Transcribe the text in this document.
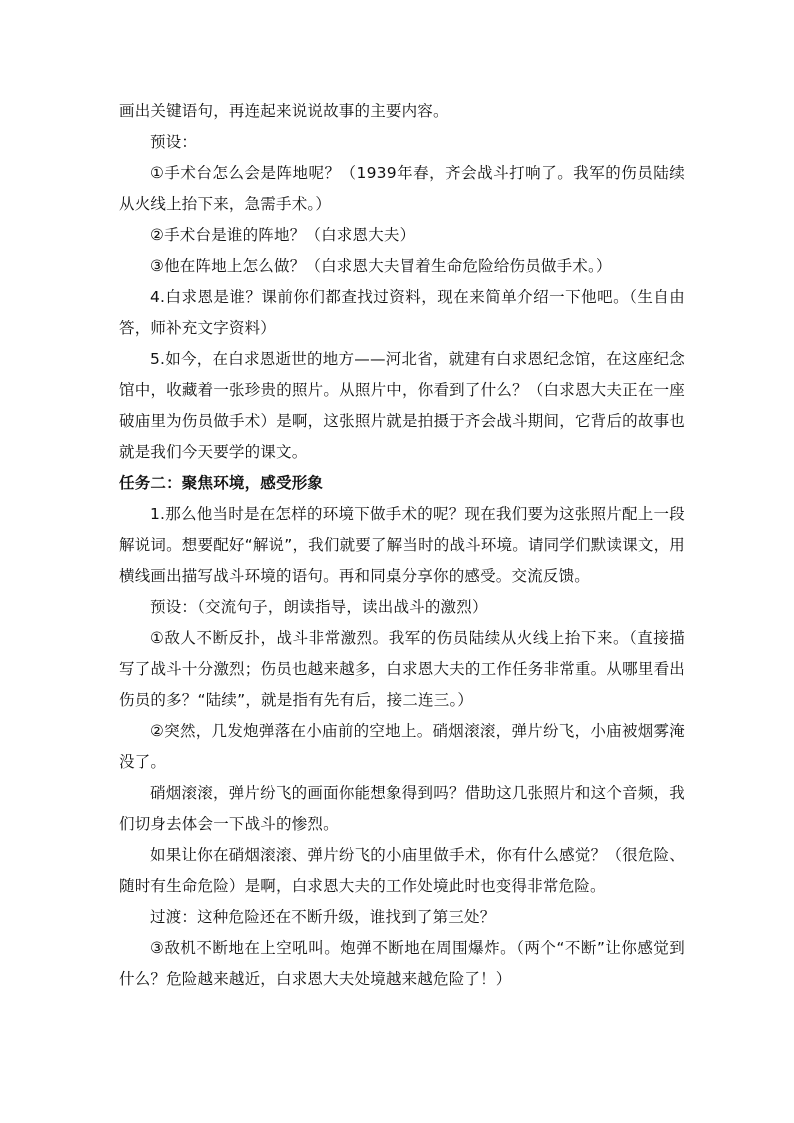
画出关键语句，再连起来说说故事的主要内容。

预设：

①手术台怎么会是阵地呢？（1939年春，齐会战斗打响了。我军的伤员陆续从火线上抬下来，急需手术。）

②手术台是谁的阵地？（白求恩大夫）

③他在阵地上怎么做？（白求恩大夫冒着生命危险给伤员做手术。）

4.白求恩是谁？课前你们都查找过资料，现在来简单介绍一下他吧。（生自由答，师补充文字资料）

5.如今，在白求恩逝世的地方——河北省，就建有白求恩纪念馆，在这座纪念馆中，收藏着一张珍贵的照片。从照片中，你看到了什么？（白求恩大夫正在一座破庙里为伤员做手术）是啊，这张照片就是拍摄于齐会战斗期间，它背后的故事也就是我们今天要学的课文。

任务二：聚焦环境，感受形象

1.那么他当时是在怎样的环境下做手术的呢？现在我们要为这张照片配上一段解说词。想要配好“解说”，我们就要了解当时的战斗环境。请同学们默读课文，用横线画出描写战斗环境的语句。再和同桌分享你的感受。交流反馈。

预设：（交流句子，朗读指导，读出战斗的激烈）

①敌人不断反扑，战斗非常激烈。我军的伤员陆续从火线上抬下来。（直接描写了战斗十分激烈；伤员也越来越多，白求恩大夫的工作任务非常重。从哪里看出伤员的多？“陆续”，就是指有先有后，接二连三。）

②突然，几发炮弹落在小庙前的空地上。硝烟滚滚，弹片纷飞，小庙被烟雾淹没了。

硝烟滚滚，弹片纷飞的画面你能想象得到吗？借助这几张照片和这个音频，我们切身去体会一下战斗的惨烈。

如果让你在硝烟滚滚、弹片纷飞的小庙里做手术，你有什么感觉？（很危险、随时有生命危险）是啊，白求恩大夫的工作处境此时也变得非常危险。

过渡：这种危险还在不断升级，谁找到了第三处？

③敌机不断地在上空吼叫。炮弹不断地在周围爆炸。（两个“不断”让你感觉到什么？危险越来越近，白求恩大夫处境越来越危险了！）
